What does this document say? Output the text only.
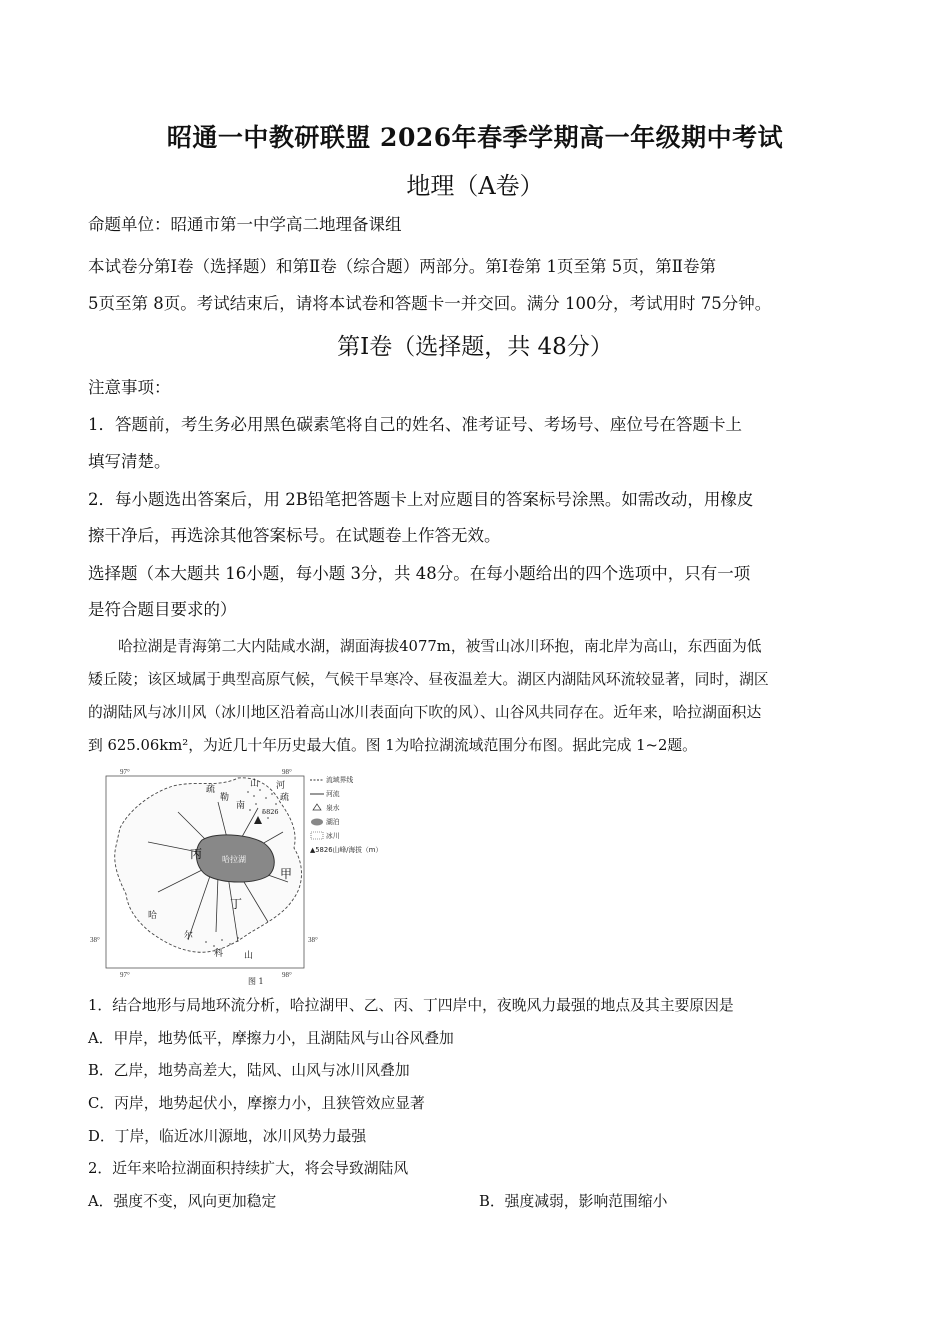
昭通一中教研联盟 2026年春季学期高一年级期中考试
地理（A卷）
命题单位：昭通市第一中学高二地理备课组
本试卷分第Ⅰ卷（选择题）和第Ⅱ卷（综合题）两部分。第Ⅰ卷第 1页至第 5页，第Ⅱ卷第
5页至第 8页。考试结束后，请将本试卷和答题卡一并交回。满分 100分，考试用时 75分钟。
第Ⅰ卷（选择题，共 48分）
注意事项：
1．答题前，考生务必用黑色碳素笔将自己的姓名、准考证号、考场号、座位号在答题卡上
填写清楚。
2．每小题选出答案后，用 2B铅笔把答题卡上对应题目的答案标号涂黑。如需改动，用橡皮
擦干净后，再选涂其他答案标号。在试题卷上作答无效。
选择题（本大题共 16小题，每小题 3分，共 48分。在每小题给出的四个选项中，只有一项
是符合题目要求的）
哈拉湖是青海第二大内陆咸水湖，湖面海拔4077m，被雪山冰川环抱，南北岸为高山，东西面为低
矮丘陵；该区域属于典型高原气候，气候干旱寒冷、昼夜温差大。湖区内湖陆风环流较显著，同时，湖区
的湖陆风与冰川风（冰川地区沿着高山冰川表面向下吹的风）、山谷风共同存在。近年来，哈拉湖面积达
到 625.06km²，为近几十年历史最大值。图 1为哈拉湖流域范围分布图。据此完成 1~2题。
97°	98°
97°	98°
38°	38°
哈拉湖
丙
甲
丁
疏
勒
南
山 河
疏
哈
尔
科 山
5826
流域界线
河流
泉水
湖泊
冰川
▲5826山峰/海拔（m）
图 1
1．结合地形与局地环流分析，哈拉湖甲、乙、丙、丁四岸中，夜晚风力最强的地点及其主要原因是
A．甲岸，地势低平，摩擦力小，且湖陆风与山谷风叠加
B．乙岸，地势高差大，陆风、山风与冰川风叠加
C．丙岸，地势起伏小，摩擦力小，且狭管效应显著
D．丁岸，临近冰川源地，冰川风势力最强
2．近年来哈拉湖面积持续扩大，将会导致湖陆风
A．强度不变，风向更加稳定	B．强度减弱，影响范围缩小
